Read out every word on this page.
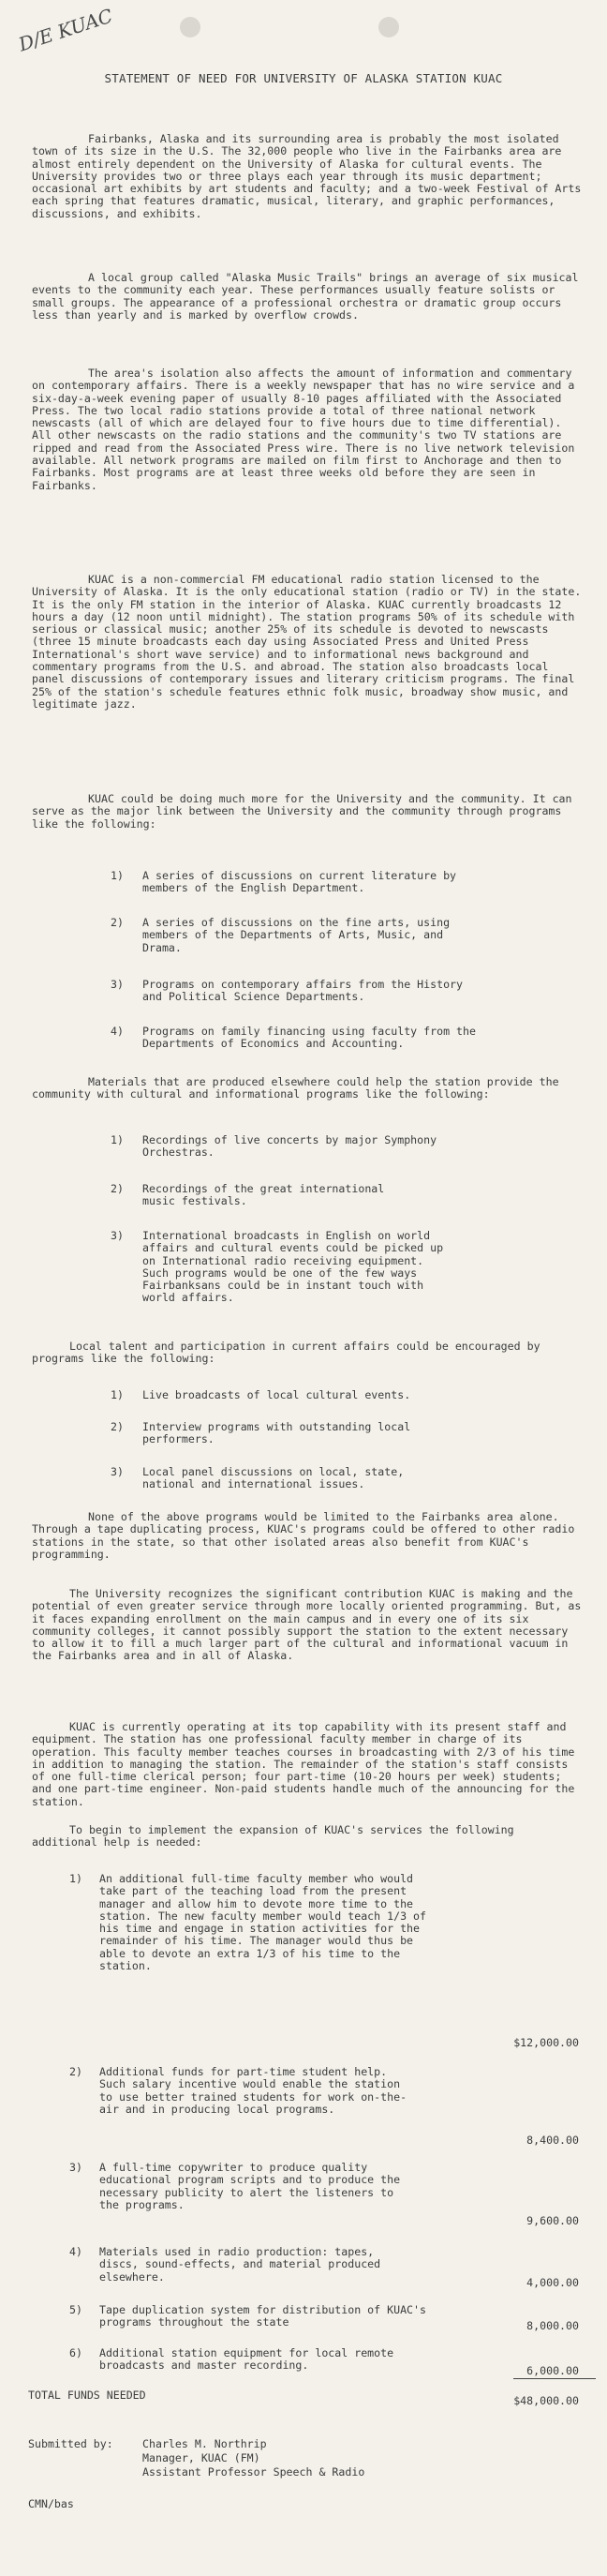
D/E KUAC
STATEMENT OF NEED FOR UNIVERSITY OF ALASKA STATION KUAC
Fairbanks, Alaska and its surrounding area is probably the most isolated town of its size in the U.S. The 32,000 people who live in the Fairbanks area are almost entirely dependent on the University of Alaska for cultural events. The University provides two or three plays each year through its music department; occasional art exhibits by art students and faculty; and a two-week Festival of Arts each spring that features dramatic, musical, literary, and graphic performances, discussions, and exhibits.
A local group called "Alaska Music Trails" brings an average of six musical events to the community each year. These performances usually feature solists or small groups. The appearance of a professional orchestra or dramatic group occurs less than yearly and is marked by overflow crowds.
The area's isolation also affects the amount of information and commentary on contemporary affairs. There is a weekly newspaper that has no wire service and a six-day-a-week evening paper of usually 8-10 pages affiliated with the Associated Press. The two local radio stations provide a total of three national network newscasts (all of which are delayed four to five hours due to time differential). All other newscasts on the radio stations and the community's two TV stations are ripped and read from the Associated Press wire. There is no live network television available. All network programs are mailed on film first to Anchorage and then to Fairbanks. Most programs are at least three weeks old before they are seen in Fairbanks.
KUAC is a non-commercial FM educational radio station licensed to the University of Alaska. It is the only educational station (radio or TV) in the state. It is the only FM station in the interior of Alaska. KUAC currently broadcasts 12 hours a day (12 noon until midnight). The station programs 50% of its schedule with serious or classical music; another 25% of its schedule is devoted to newscasts (three 15 minute broadcasts each day using Associated Press and United Press International's short wave service) and to informational news background and commentary programs from the U.S. and abroad. The station also broadcasts local panel discussions of contemporary issues and literary criticism programs. The final 25% of the station's schedule features ethnic folk music, broadway show music, and legitimate jazz.
KUAC could be doing much more for the University and the community. It can serve as the major link between the University and the community through programs like the following:
1) A series of discussions on current literature by members of the English Department.
2) A series of discussions on the fine arts, using members of the Departments of Arts, Music, and Drama.
3) Programs on contemporary affairs from the History and Political Science Departments.
4) Programs on family financing using faculty from the Departments of Economics and Accounting.
Materials that are produced elsewhere could help the station provide the community with cultural and informational programs like the following:
1) Recordings of live concerts by major Symphony Orchestras.
2) Recordings of the great international music festivals.
3) International broadcasts in English on world affairs and cultural events could be picked up on International radio receiving equipment. Such programs would be one of the few ways Fairbanksans could be in instant touch with world affairs.
Local talent and participation in current affairs could be encouraged by programs like the following:
1) Live broadcasts of local cultural events.
2) Interview programs with outstanding local performers.
3) Local panel discussions on local, state, national and international issues.
None of the above programs would be limited to the Fairbanks area alone. Through a tape duplicating process, KUAC's programs could be offered to other radio stations in the state, so that other isolated areas also benefit from KUAC's programming.
The University recognizes the significant contribution KUAC is making and the potential of even greater service through more locally oriented programming. But, as it faces expanding enrollment on the main campus and in every one of its six community colleges, it cannot possibly support the station to the extent necessary to allow it to fill a much larger part of the cultural and informational vacuum in the Fairbanks area and in all of Alaska.
KUAC is currently operating at its top capability with its present staff and equipment. The station has one professional faculty member in charge of its operation. This faculty member teaches courses in broadcasting with 2/3 of his time in addition to managing the station. The remainder of the station's staff consists of one full-time clerical person; four part-time (10-20 hours per week) students; and one part-time engineer. Non-paid students handle much of the announcing for the station.
To begin to implement the expansion of KUAC's services the following additional help is needed:
1) An additional full-time faculty member who would take part of the teaching load from the present manager and allow him to devote more time to the station. The new faculty member would teach 1/3 of his time and engage in station activities for the remainder of his time. The manager would thus be able to devote an extra 1/3 of his time to the station.
$12,000.00
2) Additional funds for part-time student help. Such salary incentive would enable the station to use better trained students for work on-the-air and in producing local programs.
8,400.00
3) A full-time copywriter to produce quality educational program scripts and to produce the necessary publicity to alert the listeners to the programs.
9,600.00
4) Materials used in radio production: tapes, discs, sound-effects, and material produced elsewhere.	4,000.00
5) Tape duplication system for distribution of KUAC's programs throughout the state	8,000.00
6) Additional station equipment for local remote broadcasts and master recording.	6,000.00
TOTAL FUNDS NEEDED	$48,000.00
Submitted by:	Charles M. Northrip
Manager, KUAC (FM)
Assistant Professor Speech & Radio
CMN/bas
